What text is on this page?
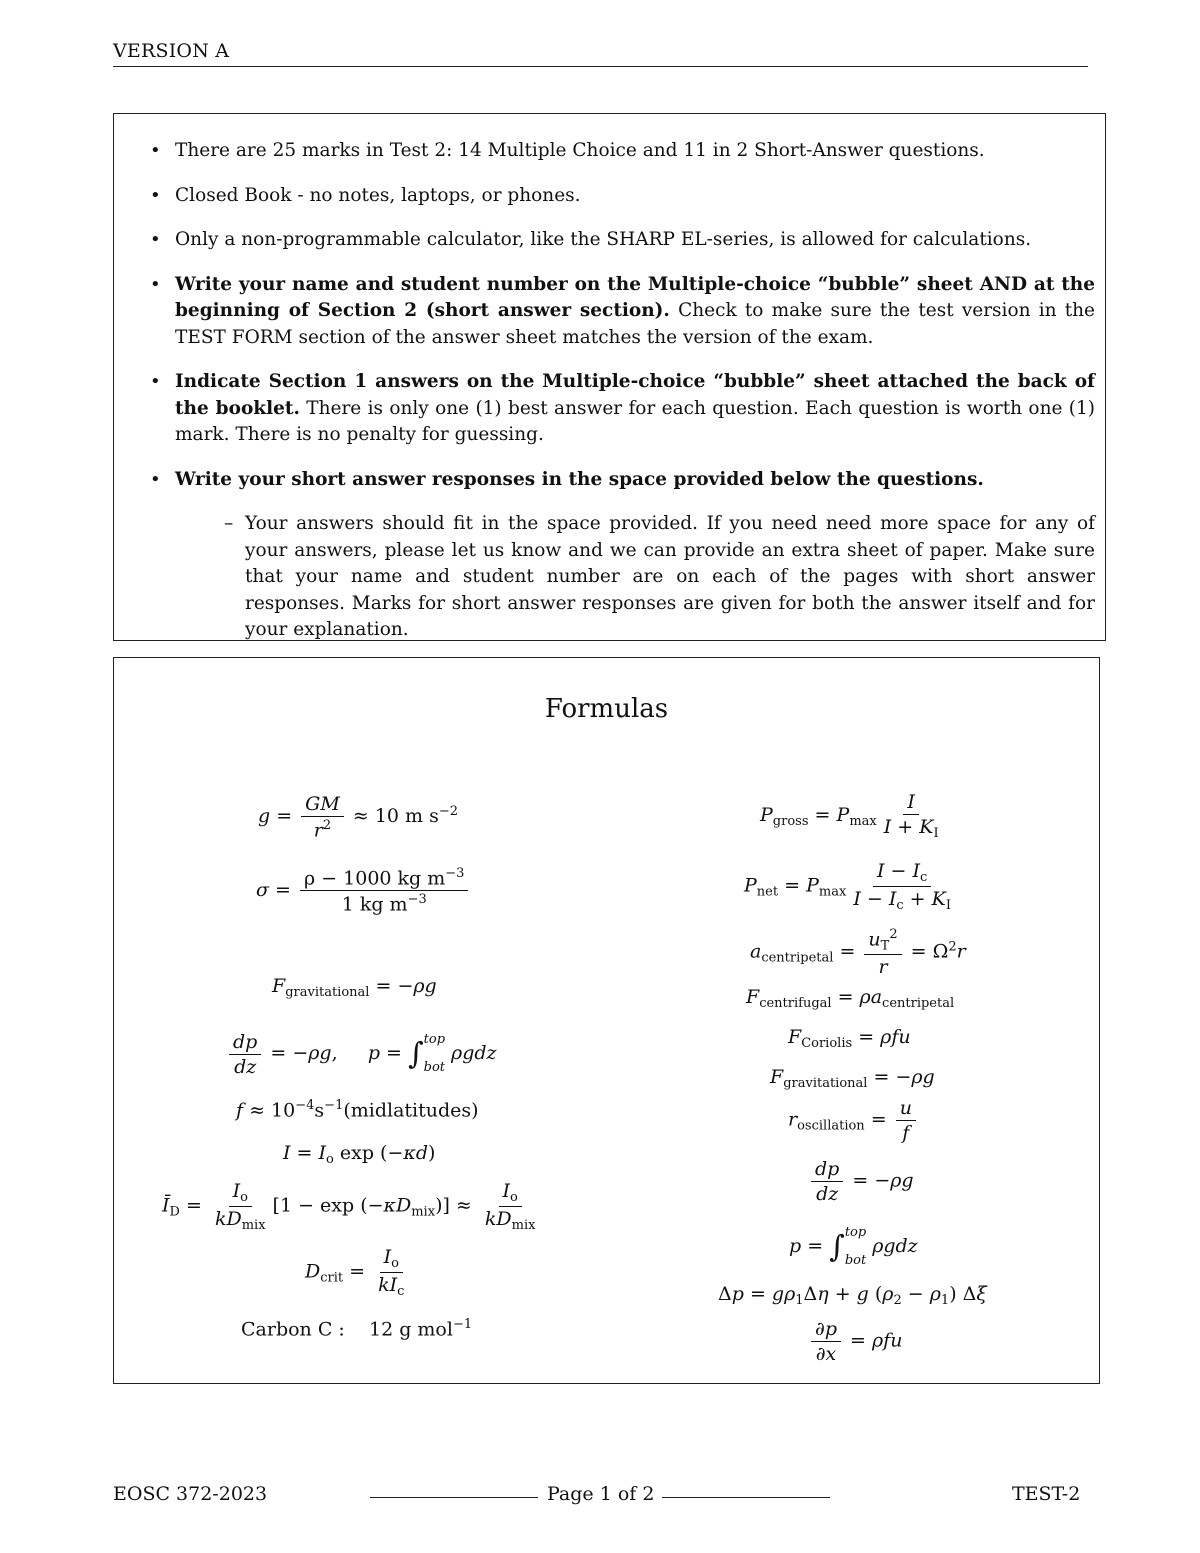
VERSION A
• There are 25 marks in Test 2: 14 Multiple Choice and 11 in 2 Short-Answer questions.
• Closed Book - no notes, laptops, or phones.
• Only a non-programmable calculator, like the SHARP EL-series, is allowed for calculations.
• Write your name and student number on the Multiple-choice “bubble” sheet AND at the beginning of Section 2 (short answer section). Check to make sure the test version in the TEST FORM section of the answer sheet matches the version of the exam.
• Indicate Section 1 answers on the Multiple-choice “bubble” sheet attached the back of the booklet. There is only one (1) best answer for each question. Each question is worth one (1) mark. There is no penalty for guessing.
• Write your short answer responses in the space provided below the questions.
– Your answers should fit in the space provided. If you need need more space for any of your answers, please let us know and we can provide an extra sheet of paper. Make sure that your name and student number are on each of the pages with short answer responses. Marks for short answer responses are given for both the answer itself and for your explanation.
Formulas
$g = \frac{GM}{r^2} \approx 10$ m $s^{-2}$
$\sigma = \frac{\rho - 1000 kg m^{-3}}{1 kg m^{-3}}$
$F_{gravitational} = -\rho g$
$\frac{dp}{dz} = -\rho g$,     p = ∫ top
bot
ρgdz
$f \approx 10^{-4}s^{-1}(midlatitudes)$
$I = I_o$ exp (−κd)
$Ī_D = \frac{I_o}{kD_{mix}} [1 - \exp (-\kappa D_{mix})] \approx \frac{I_o}{kD_{mix}}$
$D_{crit} = \frac{I_o}{kI_c}$
Carbon C : 12 g mol$^{-1}$
$P_{gross} = P_{max} \frac{I}{I + K_I}$
$P_{net} = P_{max} \frac{I - I_c}{I - I_c + K_I}$
$a_{centripetal} = \frac{u_T^2}{r} = \Omega^2r$
$F_{centrifugal} = \rho a_{centripetal}$
$F_{Coriolis} = \rho fu$
$F_{gravitational} = -\rho g$
$r_{oscillation} = \frac{u}{f}$
$\frac{dp}{dz} = -\rho g$
p = ∫ top
bot
ρgdz
$\Delta p = g\rho_1\Delta\eta + g$ $(\rho_2 - \rho_1)$ Δξ
$\frac{\partial p}{\partial x} = \rho fu$
EOSC 372-2023	Page 1 of 2	TEST-2
